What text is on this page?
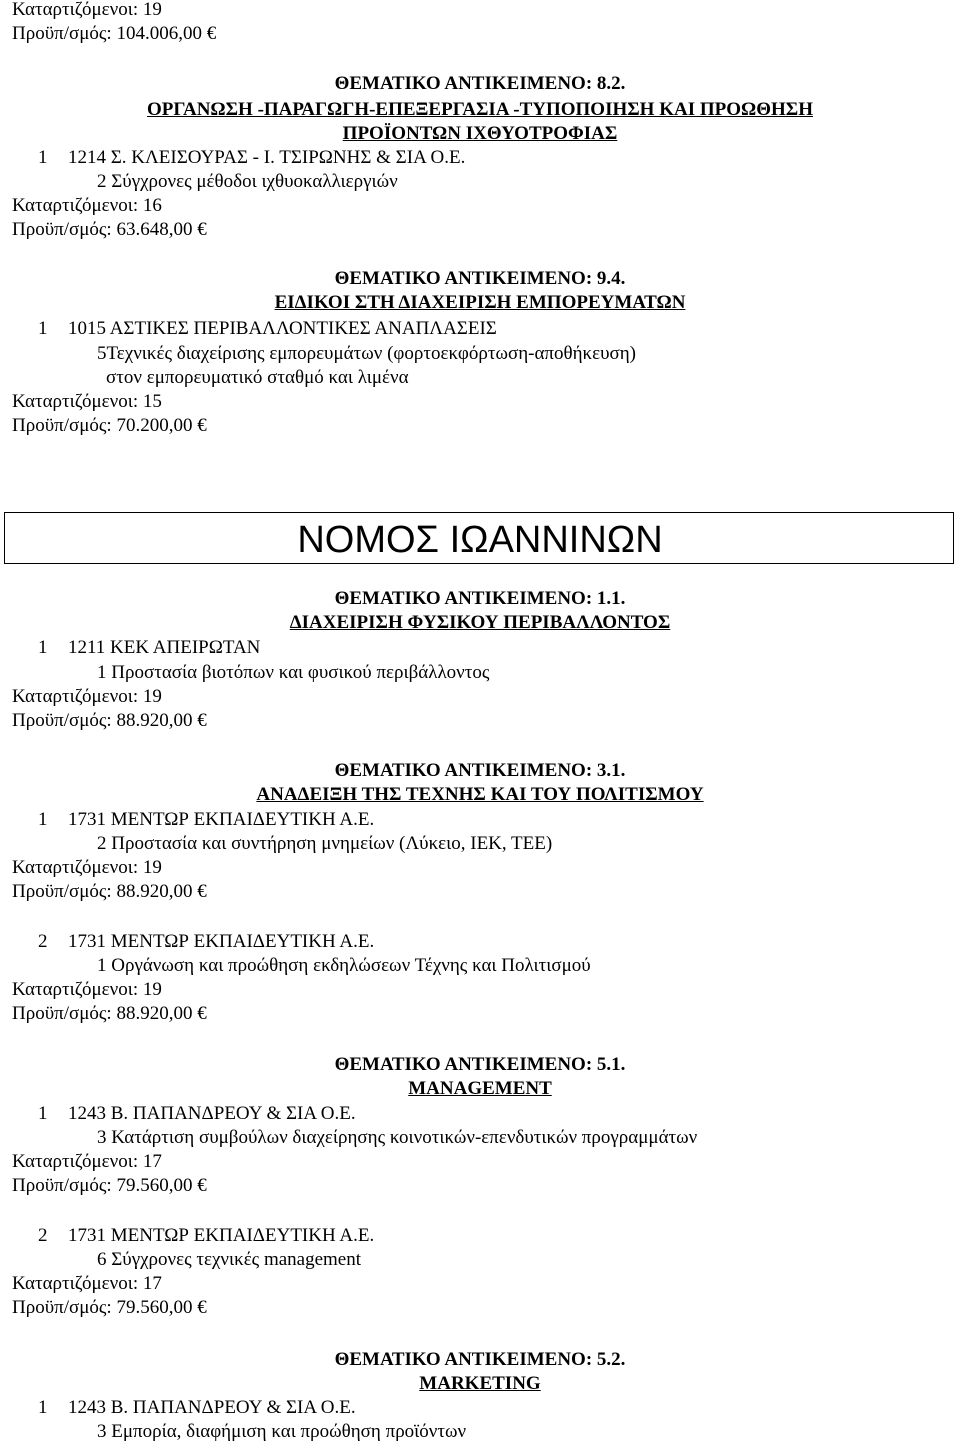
Καταρτιζόμενοι: 19
Προϋπ/σμός: 104.006,00 €
ΘΕΜΑΤΙΚΟ ΑΝΤΙΚΕΙΜΕΝΟ: 8.2.
ΟΡΓΑΝΩΣΗ -ΠΑΡΑΓΩΓΗ-ΕΠΕΞΕΡΓΑΣΙΑ -ΤΥΠΟΠΟΙΗΣΗ ΚΑΙ ΠΡΟΩΘΗΣΗ
ΠΡΟΪΟΝΤΩΝ ΙΧΘΥΟΤΡΟΦΙΑΣ
1 1214 Σ. ΚΛΕΙΣΟΥΡΑΣ - Ι. ΤΣΙΡΩΝΗΣ & ΣΙΑ Ο.Ε.
2 Σύγχρονες μέθοδοι ιχθυοκαλλιεργιών
Καταρτιζόμενοι: 16
Προϋπ/σμός: 63.648,00 €
ΘΕΜΑΤΙΚΟ ΑΝΤΙΚΕΙΜΕΝΟ: 9.4.
ΕΙΔΙΚΟΙ ΣΤΗ ΔΙΑΧΕΙΡΙΣΗ ΕΜΠΟΡΕΥΜΑΤΩΝ
1 1015 ΑΣΤΙΚΕΣ ΠΕΡΙΒΑΛΛΟΝΤΙΚΕΣ ΑΝΑΠΛΑΣΕΙΣ
5Τεχνικές διαχείρισης εμπορευμάτων (φορτοεκφόρτωση-αποθήκευση)
στον εμπορευματικό σταθμό και λιμένα
Καταρτιζόμενοι: 15
Προϋπ/σμός: 70.200,00 €
ΝΟΜΟΣ ΙΩΑΝΝΙΝΩΝ
ΘΕΜΑΤΙΚΟ ΑΝΤΙΚΕΙΜΕΝΟ: 1.1.
ΔΙΑΧΕΙΡΙΣΗ ΦΥΣΙΚΟΥ ΠΕΡΙΒΑΛΛΟΝΤΟΣ
1 1211 ΚΕΚ ΑΠΕΙΡΩΤΑΝ
1 Προστασία βιοτόπων και φυσικού περιβάλλοντος
Καταρτιζόμενοι: 19
Προϋπ/σμός: 88.920,00 €
ΘΕΜΑΤΙΚΟ ΑΝΤΙΚΕΙΜΕΝΟ: 3.1.
ΑΝΑΔΕΙΞΗ ΤΗΣ ΤΕΧΝΗΣ ΚΑΙ ΤΟΥ ΠΟΛΙΤΙΣΜΟΥ
1 1731 ΜΕΝΤΩΡ ΕΚΠΑΙΔΕΥΤΙΚΗ Α.Ε.
2 Προστασία και συντήρηση μνημείων (Λύκειο, ΙΕΚ, ΤΕΕ)
Καταρτιζόμενοι: 19
Προϋπ/σμός: 88.920,00 €
2 1731 ΜΕΝΤΩΡ ΕΚΠΑΙΔΕΥΤΙΚΗ Α.Ε.
1 Οργάνωση και προώθηση εκδηλώσεων Τέχνης και Πολιτισμού
Καταρτιζόμενοι: 19
Προϋπ/σμός: 88.920,00 €
ΘΕΜΑΤΙΚΟ ΑΝΤΙΚΕΙΜΕΝΟ: 5.1.
MANAGEMENT
1 1243 Β. ΠΑΠΑΝΔΡΕΟΥ & ΣΙΑ Ο.Ε.
3 Κατάρτιση συμβούλων διαχείρησης κοινοτικών-επενδυτικών προγραμμάτων
Καταρτιζόμενοι: 17
Προϋπ/σμός: 79.560,00 €
2 1731 ΜΕΝΤΩΡ ΕΚΠΑΙΔΕΥΤΙΚΗ Α.Ε.
6 Σύγχρονες τεχνικές management
Καταρτιζόμενοι: 17
Προϋπ/σμός: 79.560,00 €
ΘΕΜΑΤΙΚΟ ΑΝΤΙΚΕΙΜΕΝΟ: 5.2.
MARKETING
1 1243 Β. ΠΑΠΑΝΔΡΕΟΥ & ΣΙΑ Ο.Ε.
3 Εμπορία, διαφήμιση και προώθηση προϊόντων
